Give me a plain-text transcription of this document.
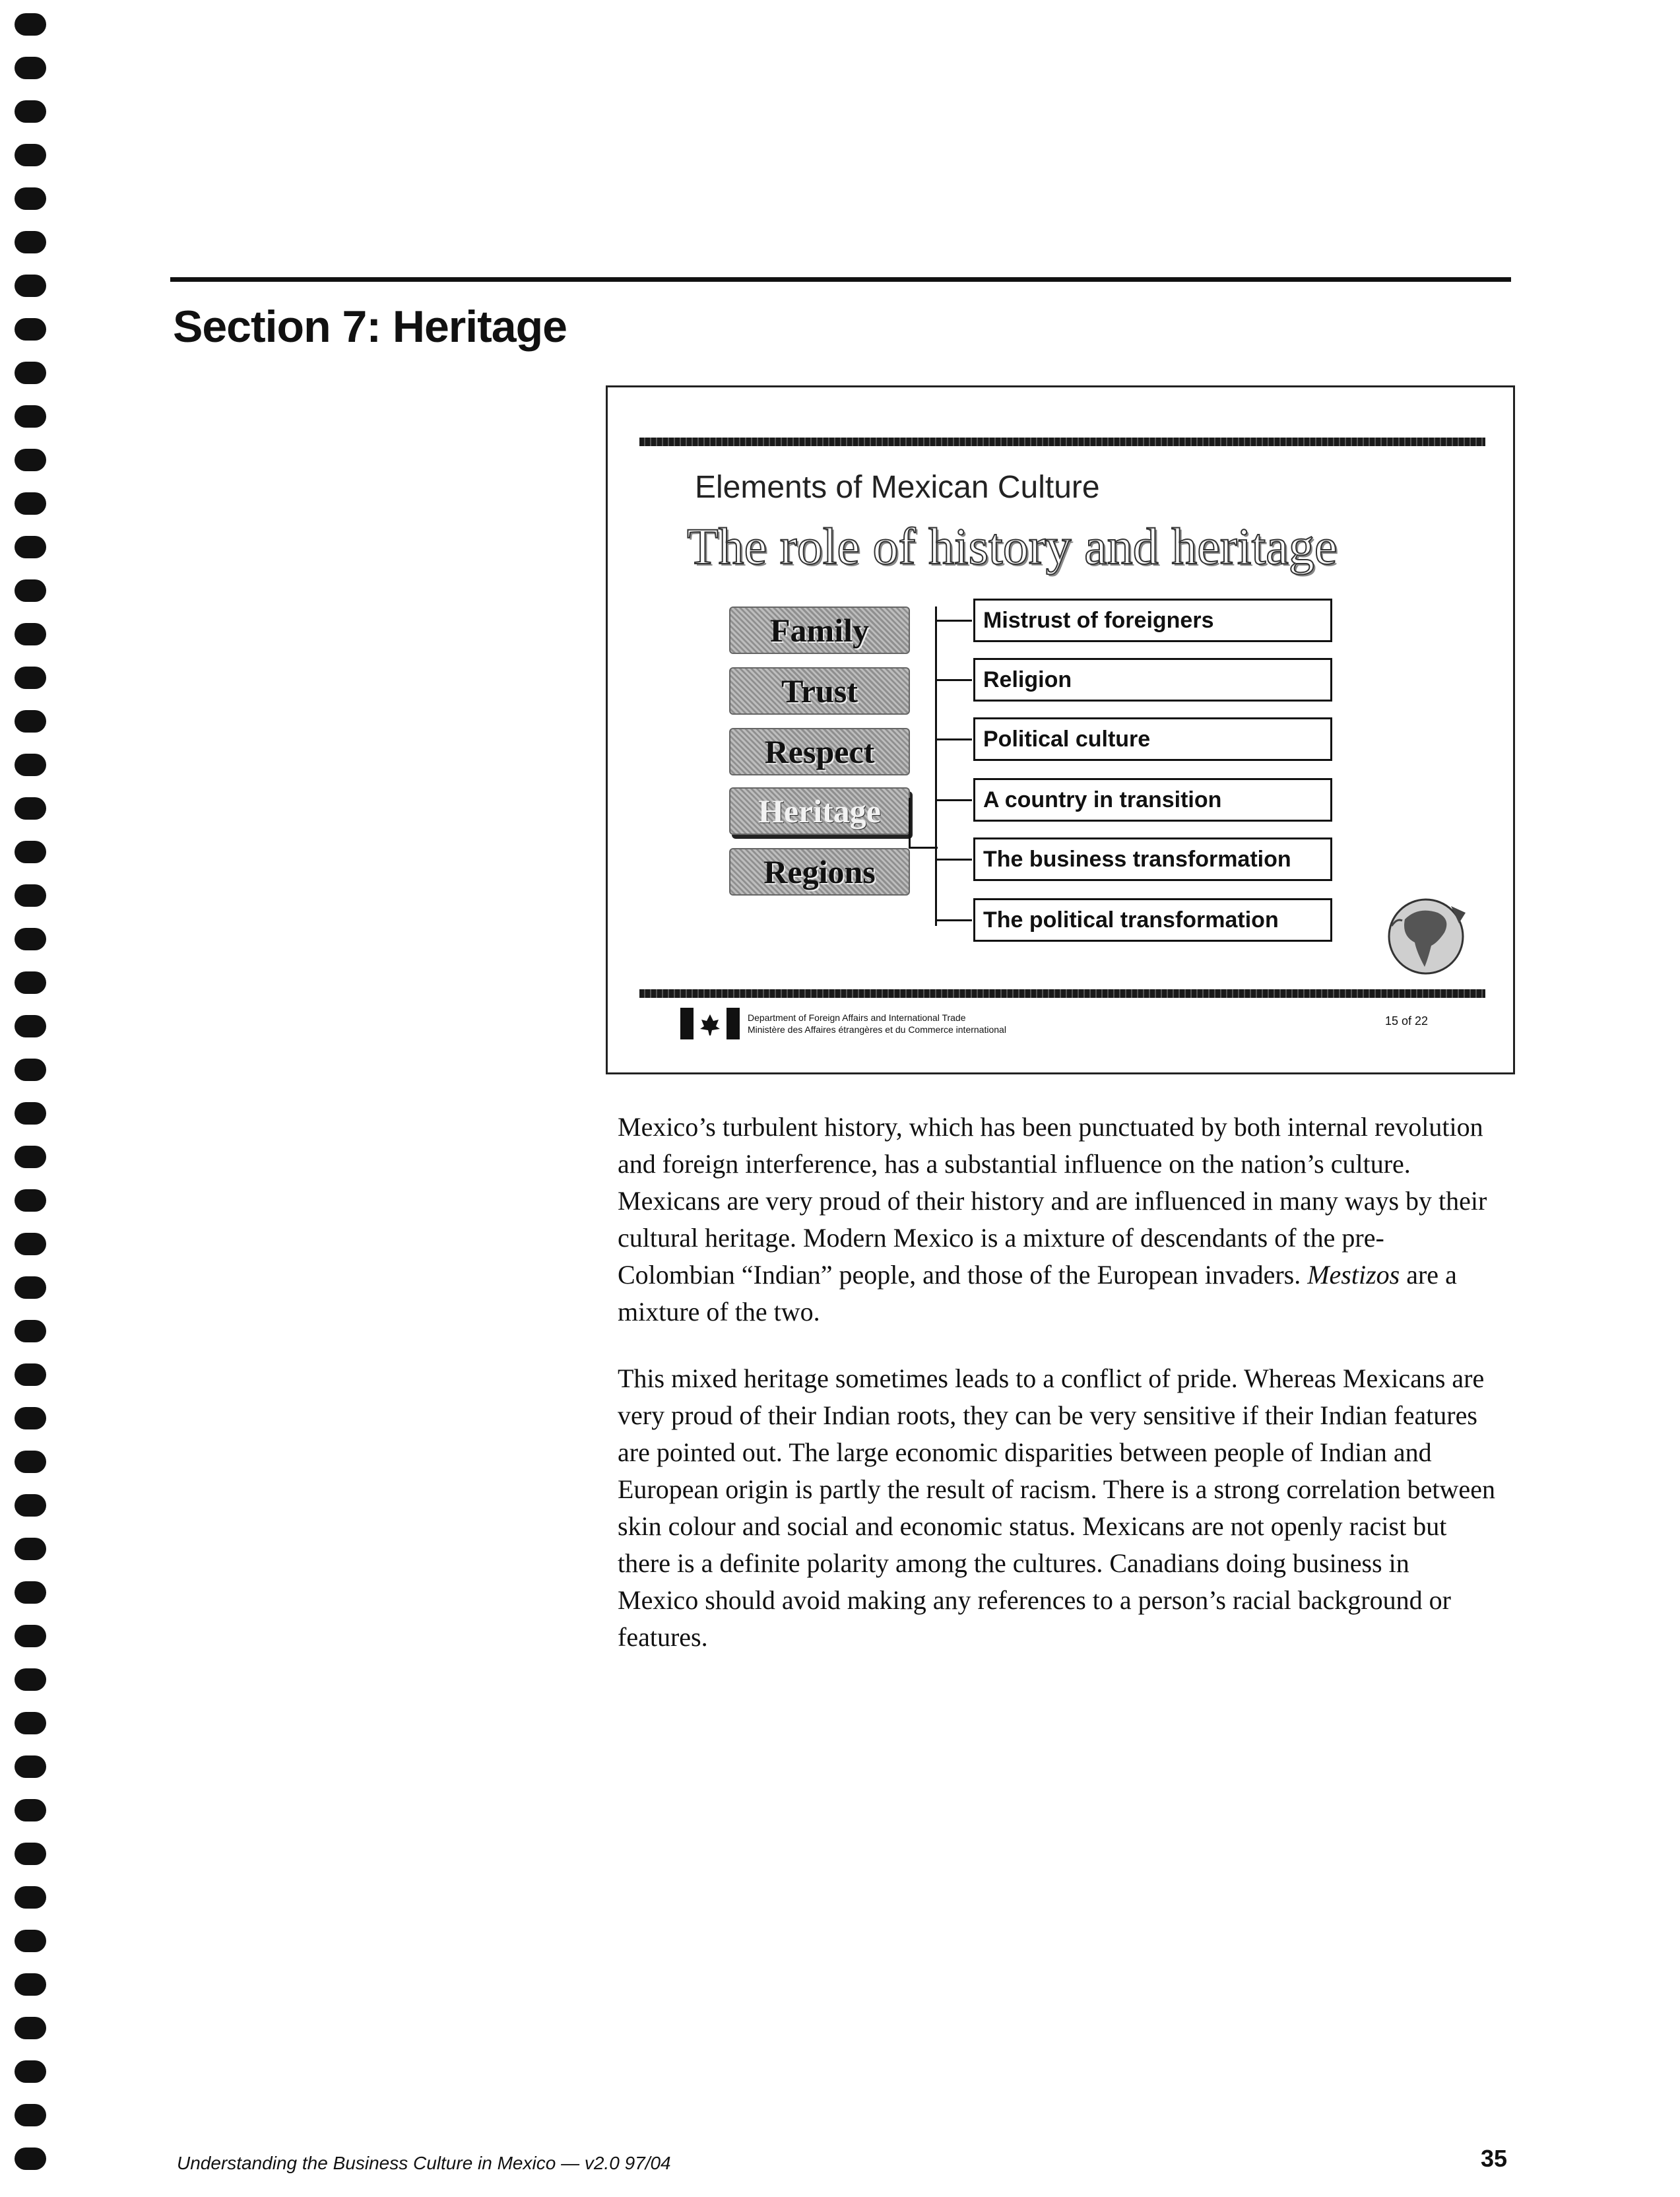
Section 7: Heritage
Elements of Mexican Culture
The role of history and heritage
Family
Trust
Respect
Heritage
Regions
Mistrust of foreigners
Religion
Political culture
A country in transition
The business transformation
The political transformation
Department of Foreign Affairs and International Trade
Ministère des Affaires étrangères et du Commerce international
15 of 22

Mexico’s turbulent history, which has been punctuated by both internal revolution and foreign interference, has a substantial influence on the nation’s culture. Mexicans are very proud of their history and are influenced in many ways by their cultural heritage. Modern Mexico is a mixture of descendants of the pre-Colombian “Indian” people, and those of the European invaders. Mestizos are a mixture of the two.

This mixed heritage sometimes leads to a conflict of pride. Whereas Mexicans are very proud of their Indian roots, they can be very sensitive if their Indian features are pointed out. The large economic disparities between people of Indian and European origin is partly the result of racism. There is a strong correlation between skin colour and social and economic status. Mexicans are not openly racist but there is a definite polarity among the cultures. Canadians doing business in Mexico should avoid making any references to a person’s racial background or features.

Understanding the Business Culture in Mexico — v2.0 97/04	35
